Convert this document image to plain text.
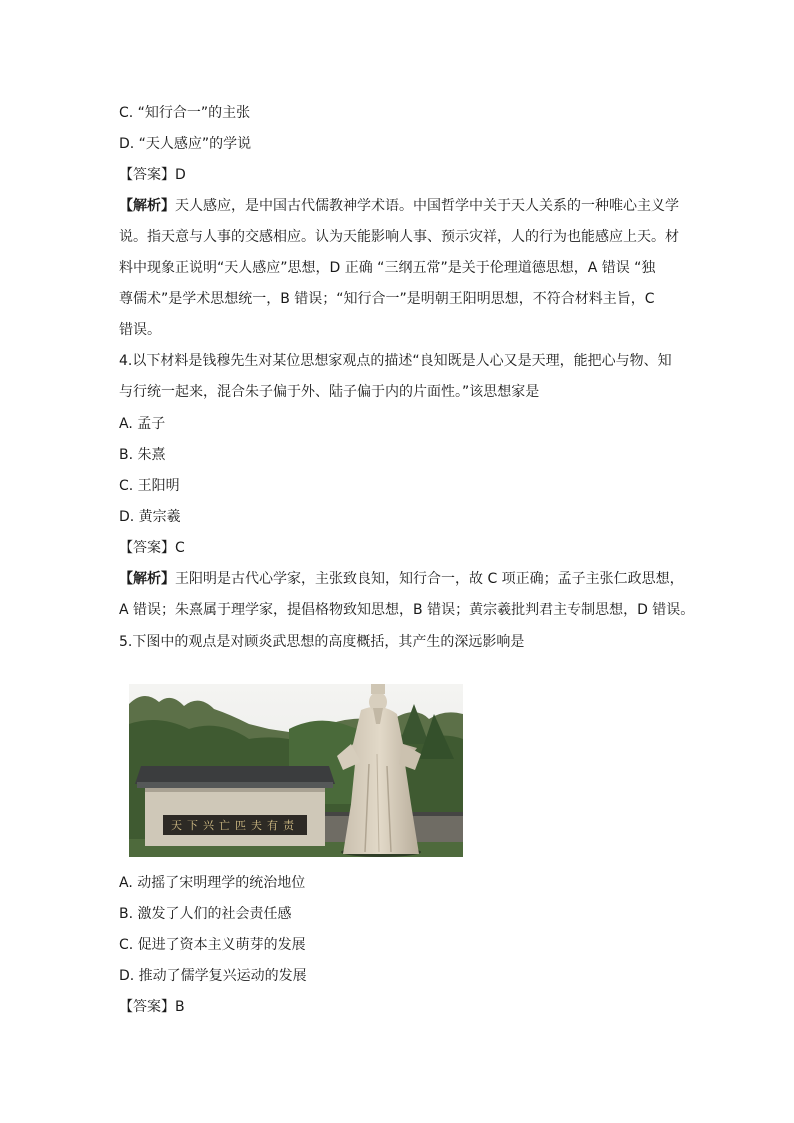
C. “知行合一”的主张
D. “天人感应”的学说
【答案】D
【解析】天人感应，是中国古代儒教神学术语。中国哲学中关于天人关系的一种唯心主义学
说。指天意与人事的交感相应。认为天能影响人事、预示灾祥，人的行为也能感应上天。材
料中现象正说明“天人感应”思想，D 正确 “三纲五常”是关于伦理道德思想，A 错误 “独
尊儒术”是学术思想统一，B 错误；“知行合一”是明朝王阳明思想，不符合材料主旨，C
错误。
4.以下材料是钱穆先生对某位思想家观点的描述“良知既是人心又是天理，能把心与物、知
与行统一起来，混合朱子偏于外、陆子偏于内的片面性。”该思想家是
A. 孟子
B. 朱熹
C. 王阳明
D. 黄宗羲
【答案】C
【解析】王阳明是古代心学家，主张致良知，知行合一，故 C 项正确；孟子主张仁政思想，
A 错误；朱熹属于理学家，提倡格物致知思想，B 错误；黄宗羲批判君主专制思想，D 错误。
5.下图中的观点是对顾炎武思想的高度概括，其产生的深远影响是
天下兴亡匹夫有责
A. 动摇了宋明理学的统治地位
B. 激发了人们的社会责任感
C. 促进了资本主义萌芽的发展
D. 推动了儒学复兴运动的发展
【答案】B
